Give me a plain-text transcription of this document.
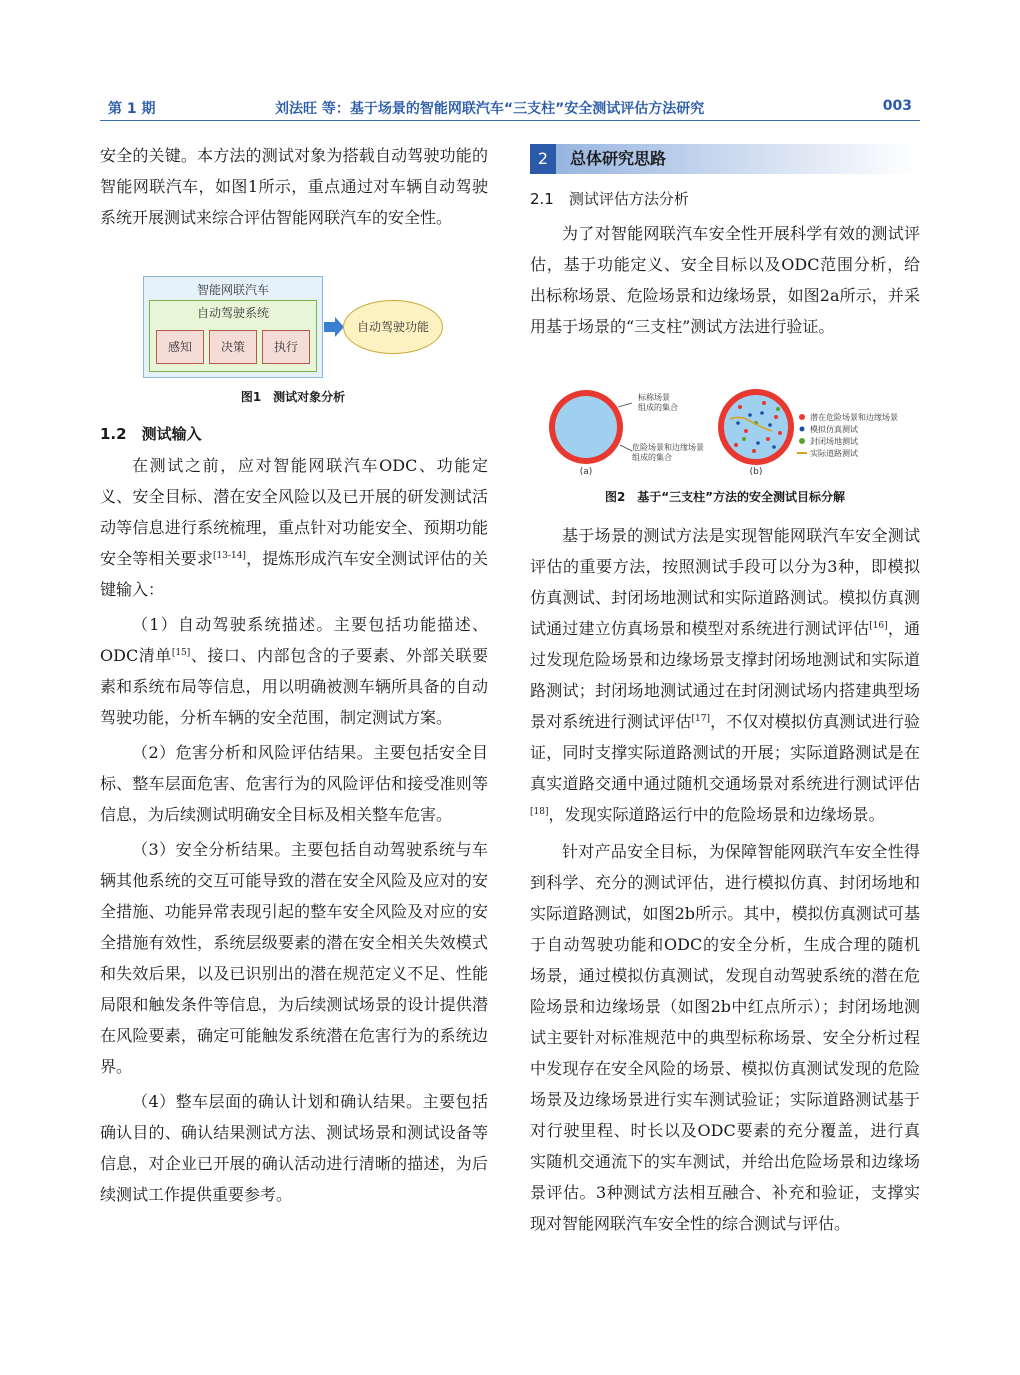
第 1 期	刘法旺 等：基于场景的智能网联汽车“三支柱”安全测试评估方法研究	003

安全的关键。本方法的测试对象为搭载自动驾驶功能的智能网联汽车，如图1所示，重点通过对车辆自动驾驶系统开展测试来综合评估智能网联汽车的安全性。

智能网联汽车
自动驾驶系统
感知	决策	执行
自动驾驶功能
图1　测试对象分析

1.2　测试输入

在测试之前，应对智能网联汽车ODC、功能定义、安全目标、潜在安全风险以及已开展的研发测试活动等信息进行系统梳理，重点针对功能安全、预期功能安全等相关要求[13-14]，提炼形成汽车安全测试评估的关键输入：

（1）自动驾驶系统描述。主要包括功能描述、ODC清单[15]、接口、内部包含的子要素、外部关联要素和系统布局等信息，用以明确被测车辆所具备的自动驾驶功能，分析车辆的安全范围，制定测试方案。

（2）危害分析和风险评估结果。主要包括安全目标、整车层面危害、危害行为的风险评估和接受准则等信息，为后续测试明确安全目标及相关整车危害。

（3）安全分析结果。主要包括自动驾驶系统与车辆其他系统的交互可能导致的潜在安全风险及应对的安全措施、功能异常表现引起的整车安全风险及对应的安全措施有效性，系统层级要素的潜在安全相关失效模式和失效后果，以及已识别出的潜在规范定义不足、性能局限和触发条件等信息，为后续测试场景的设计提供潜在风险要素，确定可能触发系统潜在危害行为的系统边界。

（4）整车层面的确认计划和确认结果。主要包括确认目的、确认结果测试方法、测试场景和测试设备等信息，对企业已开展的确认活动进行清晰的描述，为后续测试工作提供重要参考。

2	总体研究思路

2.1　测试评估方法分析

为了对智能网联汽车安全性开展科学有效的测试评估，基于功能定义、安全目标以及ODC范围分析，给出标称场景、危险场景和边缘场景，如图2a所示，并采用基于场景的“三支柱”测试方法进行验证。

标称场景
组成的集合
危险场景和边缘场景
组成的集合
潜在危险场景和边缘场景
模拟仿真测试
封闭场地测试
实际道路测试
(a)	(b)
图2　基于“三支柱”方法的安全测试目标分解

基于场景的测试方法是实现智能网联汽车安全测试评估的重要方法，按照测试手段可以分为3种，即模拟仿真测试、封闭场地测试和实际道路测试。模拟仿真测试通过建立仿真场景和模型对系统进行测试评估[16]，通过发现危险场景和边缘场景支撑封闭场地测试和实际道路测试；封闭场地测试通过在封闭测试场内搭建典型场景对系统进行测试评估[17]，不仅对模拟仿真测试进行验证，同时支撑实际道路测试的开展；实际道路测试是在真实道路交通中通过随机交通场景对系统进行测试评估[18]，发现实际道路运行中的危险场景和边缘场景。

针对产品安全目标，为保障智能网联汽车安全性得到科学、充分的测试评估，进行模拟仿真、封闭场地和实际道路测试，如图2b所示。其中，模拟仿真测试可基于自动驾驶功能和ODC的安全分析，生成合理的随机场景，通过模拟仿真测试，发现自动驾驶系统的潜在危险场景和边缘场景（如图2b中红点所示）；封闭场地测试主要针对标准规范中的典型标称场景、安全分析过程中发现存在安全风险的场景、模拟仿真测试发现的危险场景及边缘场景进行实车测试验证；实际道路测试基于对行驶里程、时长以及ODC要素的充分覆盖，进行真实随机交通流下的实车测试，并给出危险场景和边缘场景评估。3种测试方法相互融合、补充和验证，支撑实现对智能网联汽车安全性的综合测试与评估。
